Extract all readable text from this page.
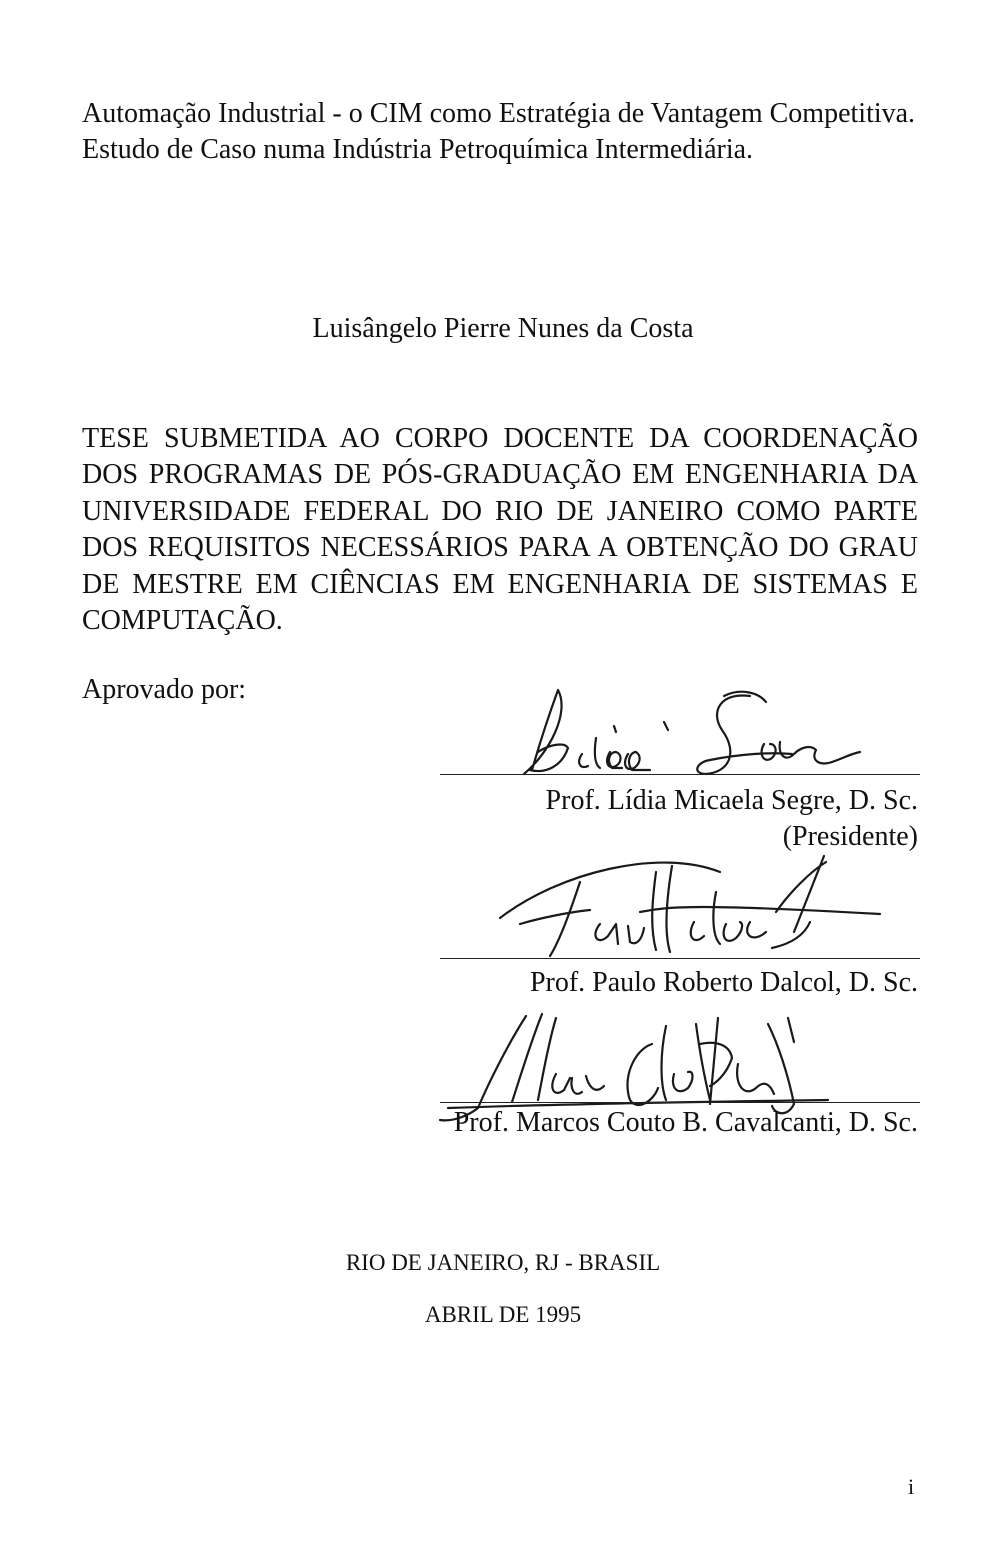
Automação Industrial - o CIM como Estratégia de Vantagem Competitiva.
Estudo de Caso numa Indústria Petroquímica Intermediária.
Luisângelo Pierre Nunes da Costa
TESE SUBMETIDA AO CORPO DOCENTE DA COORDENAÇÃO
DOS PROGRAMAS DE PÓS-GRADUAÇÃO EM ENGENHARIA DA
UNIVERSIDADE FEDERAL DO RIO DE JANEIRO COMO PARTE
DOS REQUISITOS NECESSÁRIOS PARA A OBTENÇÃO DO GRAU
DE MESTRE EM CIÊNCIAS EM ENGENHARIA DE SISTEMAS E
COMPUTAÇÃO.
Aprovado por:
Prof. Lídia Micaela Segre, D. Sc.
(Presidente)
Prof. Paulo Roberto Dalcol, D. Sc.
Prof. Marcos Couto B. Cavalcanti, D. Sc.
RIO DE JANEIRO, RJ - BRASIL
ABRIL DE 1995
i
